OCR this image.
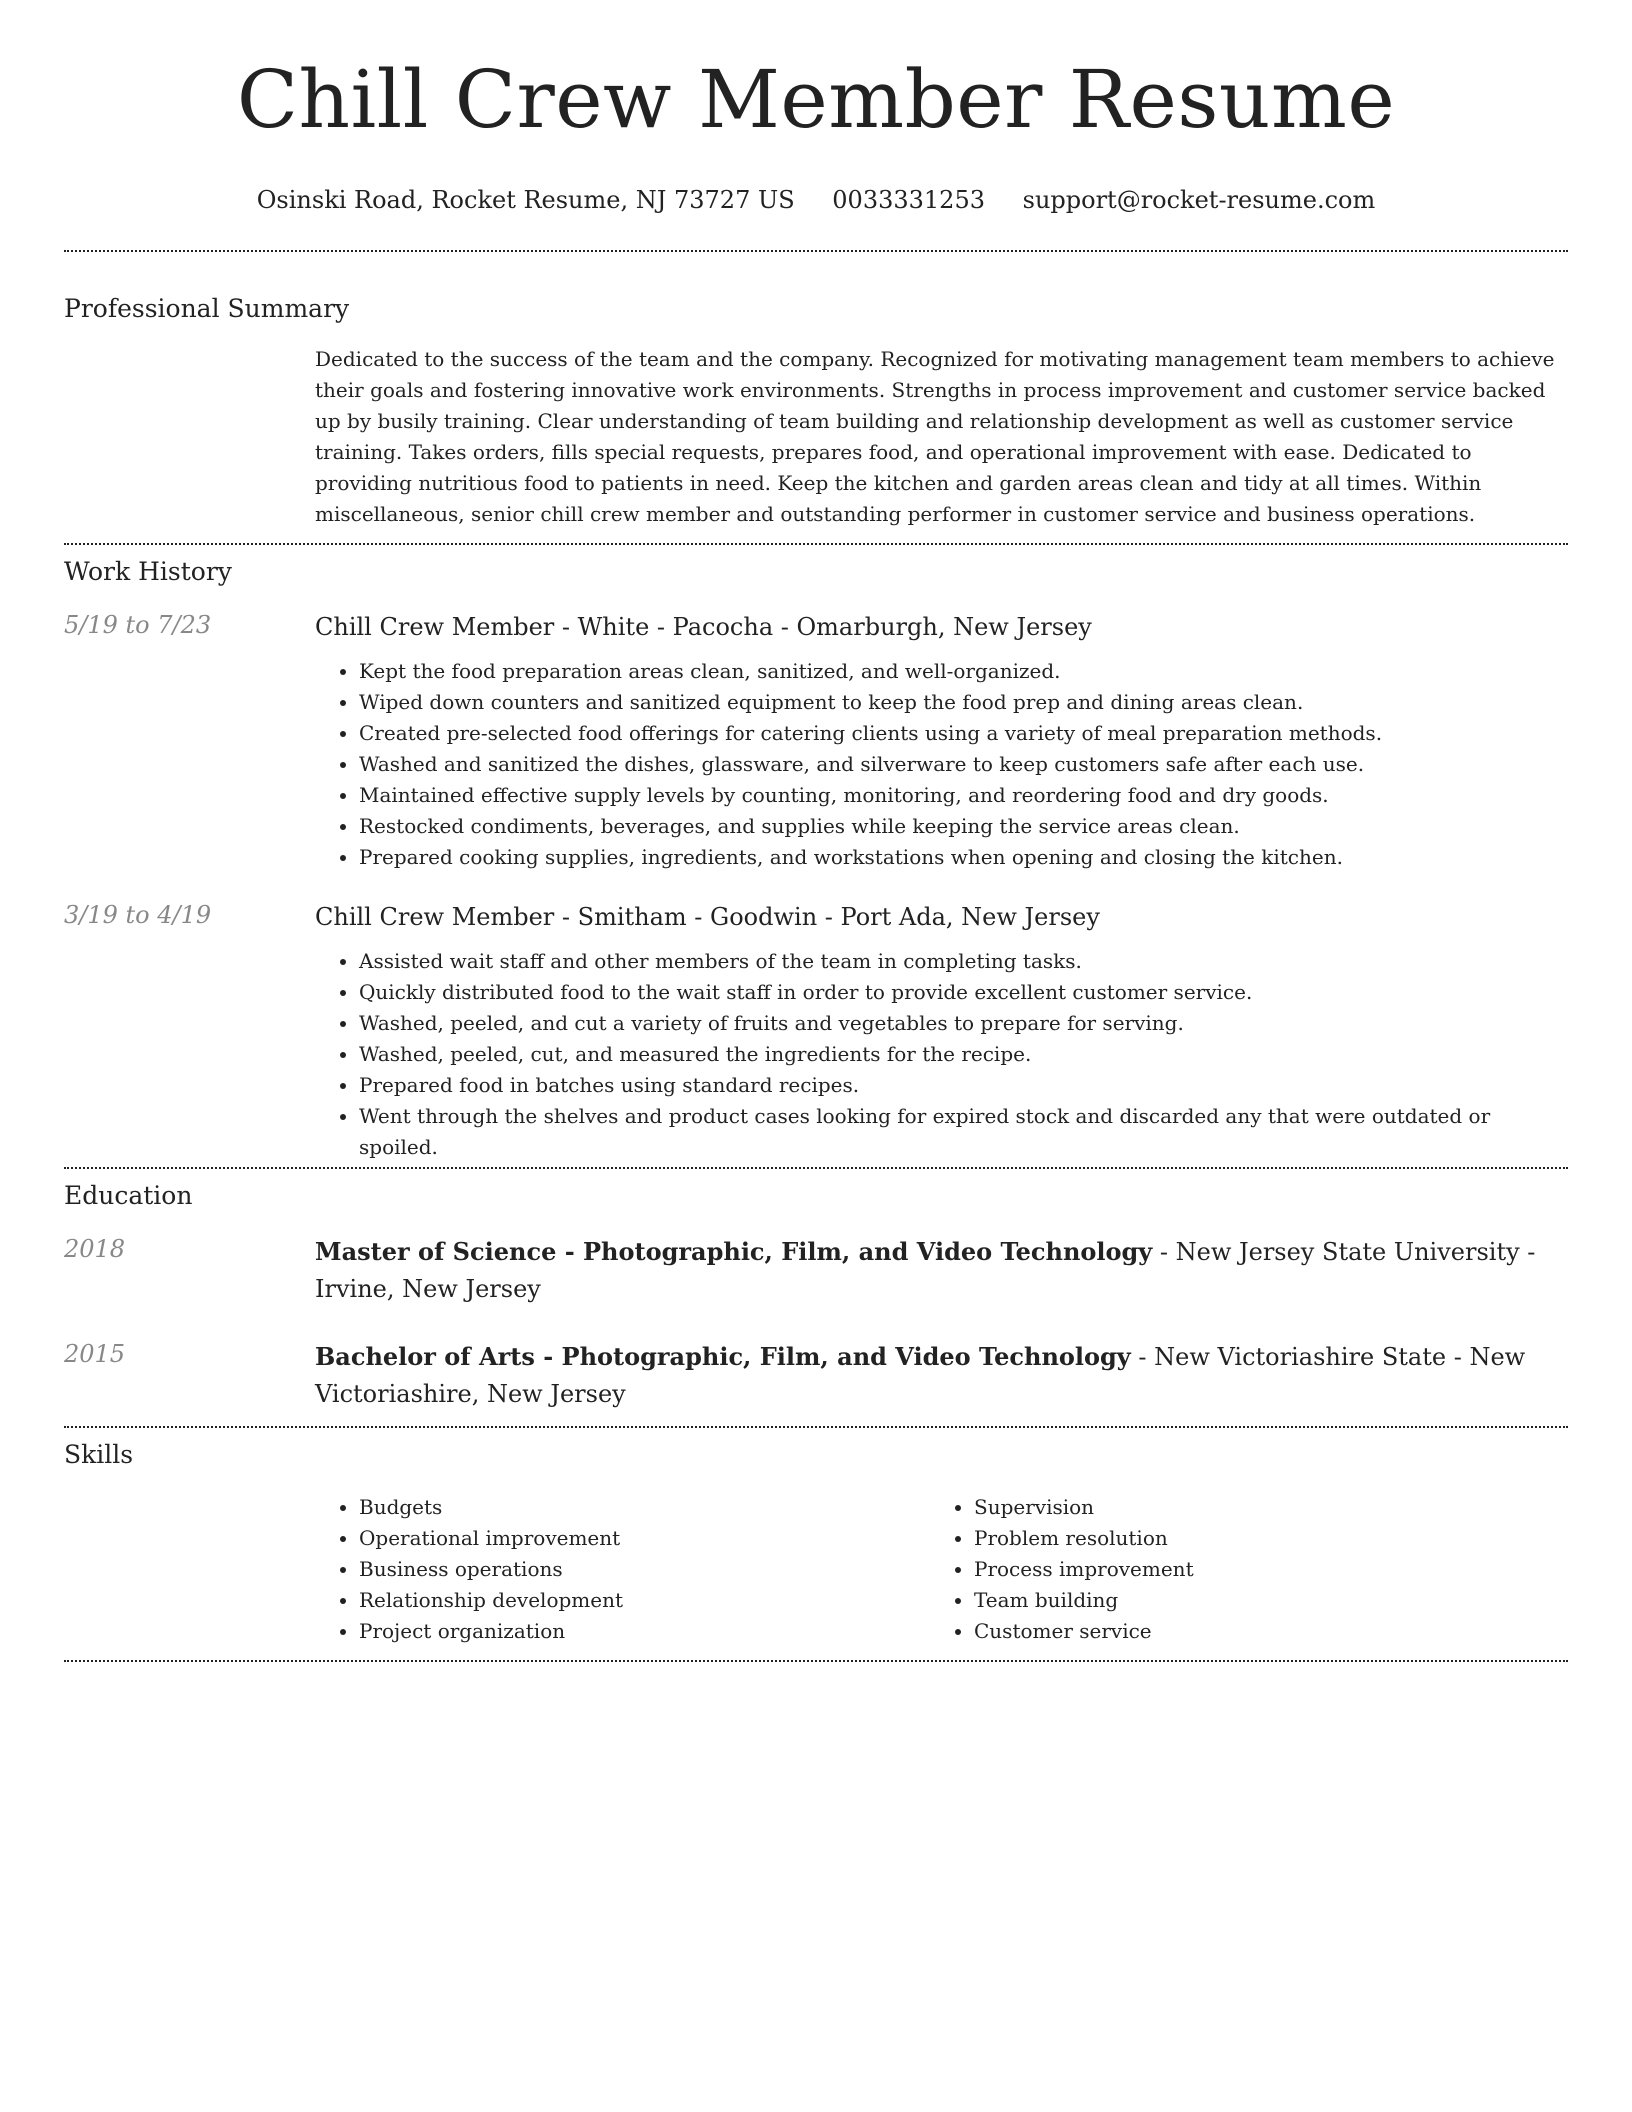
Chill Crew Member Resume
Osinski Road, Rocket Resume, NJ 73727 US 0033331253 support@rocket-resume.com
Professional Summary

Dedicated to the success of the team and the company. Recognized for motivating management team members to achieve their goals and fostering innovative work environments. Strengths in process improvement and customer service backed up by busily training. Clear understanding of team building and relationship development as well as customer service training. Takes orders, fills special requests, prepares food, and operational improvement with ease. Dedicated to providing nutritious food to patients in need. Keep the kitchen and garden areas clean and tidy at all times. Within miscellaneous, senior chill crew member and outstanding performer in customer service and business operations.

Work History
5/19 to 7/23	Chill Crew Member - White - Pacocha - Omarburgh, New Jersey
• Kept the food preparation areas clean, sanitized, and well-organized.
• Wiped down counters and sanitized equipment to keep the food prep and dining areas clean.
• Created pre-selected food offerings for catering clients using a variety of meal preparation methods.
• Washed and sanitized the dishes, glassware, and silverware to keep customers safe after each use.
• Maintained effective supply levels by counting, monitoring, and reordering food and dry goods.
• Restocked condiments, beverages, and supplies while keeping the service areas clean.
• Prepared cooking supplies, ingredients, and workstations when opening and closing the kitchen.
3/19 to 4/19	Chill Crew Member - Smitham - Goodwin - Port Ada, New Jersey
• Assisted wait staff and other members of the team in completing tasks.
• Quickly distributed food to the wait staff in order to provide excellent customer service.
• Washed, peeled, and cut a variety of fruits and vegetables to prepare for serving.
• Washed, peeled, cut, and measured the ingredients for the recipe.
• Prepared food in batches using standard recipes.
• Went through the shelves and product cases looking for expired stock and discarded any that were outdated or spoiled.
Education
2018	Master of Science - Photographic, Film, and Video Technology - New Jersey State University - Irvine, New Jersey
2015	Bachelor of Arts - Photographic, Film, and Video Technology - New Victoriashire State - New Victoriashire, New Jersey
Skills
• Budgets
• Operational improvement
• Business operations
• Relationship development
• Project organization
• Supervision
• Problem resolution
• Process improvement
• Team building
• Customer service
